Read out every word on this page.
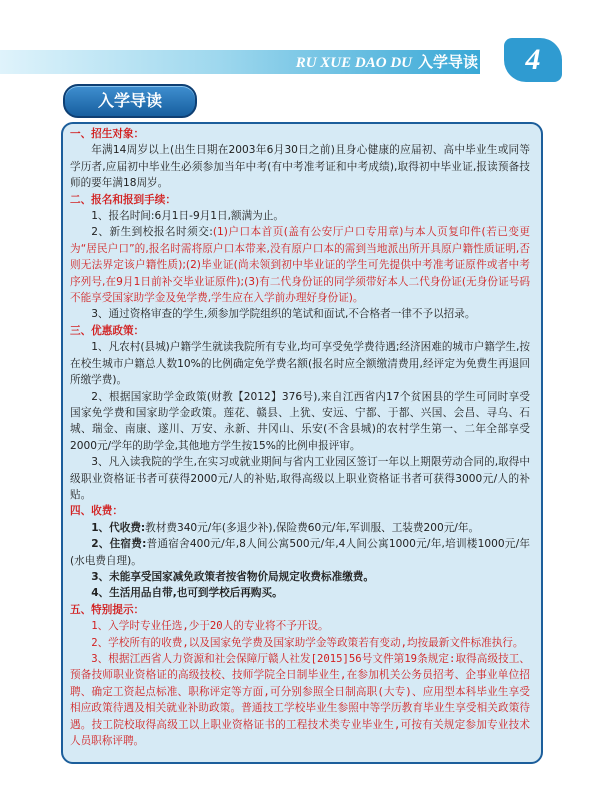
RU XUE DAO DU 入学导读	4
入学导读
一、招生对象：
年满14周岁以上(出生日期在2003年6月30日之前)且身心健康的应届初、高中毕业生或同等学历者,应届初中毕业生必须参加当年中考(有中考准考证和中考成绩),取得初中毕业证,报读预备技师的要年满18周岁。
二、报名和报到手续：
1、报名时间:6月1日-9月1日,额满为止。
2、新生到校报名时须交:(1)户口本首页(盖有公安厅户口专用章)与本人页复印件(若已变更为“居民户口”的,报名时需将原户口本带来,没有原户口本的需到当地派出所开具原户籍性质证明,否则无法界定该户籍性质);(2)毕业证(尚未领到初中毕业证的学生可先提供中考准考证原件或者中考序列号,在9月1日前补交毕业证原件);(3)有二代身份证的同学须带好本人二代身份证(无身份证号码不能享受国家助学金及免学费,学生应在入学前办理好身份证)。
3、通过资格审查的学生,须参加学院组织的笔试和面试,不合格者一律不予以招录。
三、优惠政策：
1、凡农村(县城)户籍学生就读我院所有专业,均可享受免学费待遇;经济困难的城市户籍学生,按在校生城市户籍总人数10%的比例确定免学费名额(报名时应全额缴清费用,经评定为免费生再退回所缴学费)。
2、根据国家助学金政策(财教【2012】376号),来自江西省内17个贫困县的学生可同时享受国家免学费和国家助学金政策。莲花、赣县、上犹、安远、宁都、于都、兴国、会昌、寻乌、石城、瑞金、南康、遂川、万安、永新、井冈山、乐安(不含县城)的农村学生第一、二年全部享受2000元/学年的助学金,其他地方学生按15%的比例申报评审。
3、凡入读我院的学生,在实习或就业期间与省内工业园区签订一年以上期限劳动合同的,取得中级职业资格证书者可获得2000元/人的补贴,取得高级以上职业资格证书者可获得3000元/人的补贴。
四、收费：
1、代收费:教材费340元/年(多退少补),保险费60元/年,军训服、工装费200元/年。
2、住宿费:普通宿舍400元/年,8人间公寓500元/年,4人间公寓1000元/年,培训楼1000元/年(水电费自理)。
3、未能享受国家减免政策者按省物价局规定收费标准缴费。
4、生活用品自带,也可到学校后再购买。
五、特别提示：
1、入学时专业任选,少于20人的专业将不予开设。
2、学校所有的收费,以及国家免学费及国家助学金等政策若有变动,均按最新文件标准执行。
3、根据江西省人力资源和社会保障厅赣人社发[2015]56号文件第19条规定:取得高级技工、预备技师职业资格证的高级技校、技师学院全日制毕业生,在参加机关公务员招考、企事业单位招聘、确定工资起点标准、职称评定等方面,可分别参照全日制高职(大专)、应用型本科毕业生享受相应政策待遇及相关就业补助政策。普通技工学校毕业生参照中等学历教育毕业生享受相关政策待遇。技工院校取得高级工以上职业资格证书的工程技术类专业毕业生,可按有关规定参加专业技术人员职称评聘。
